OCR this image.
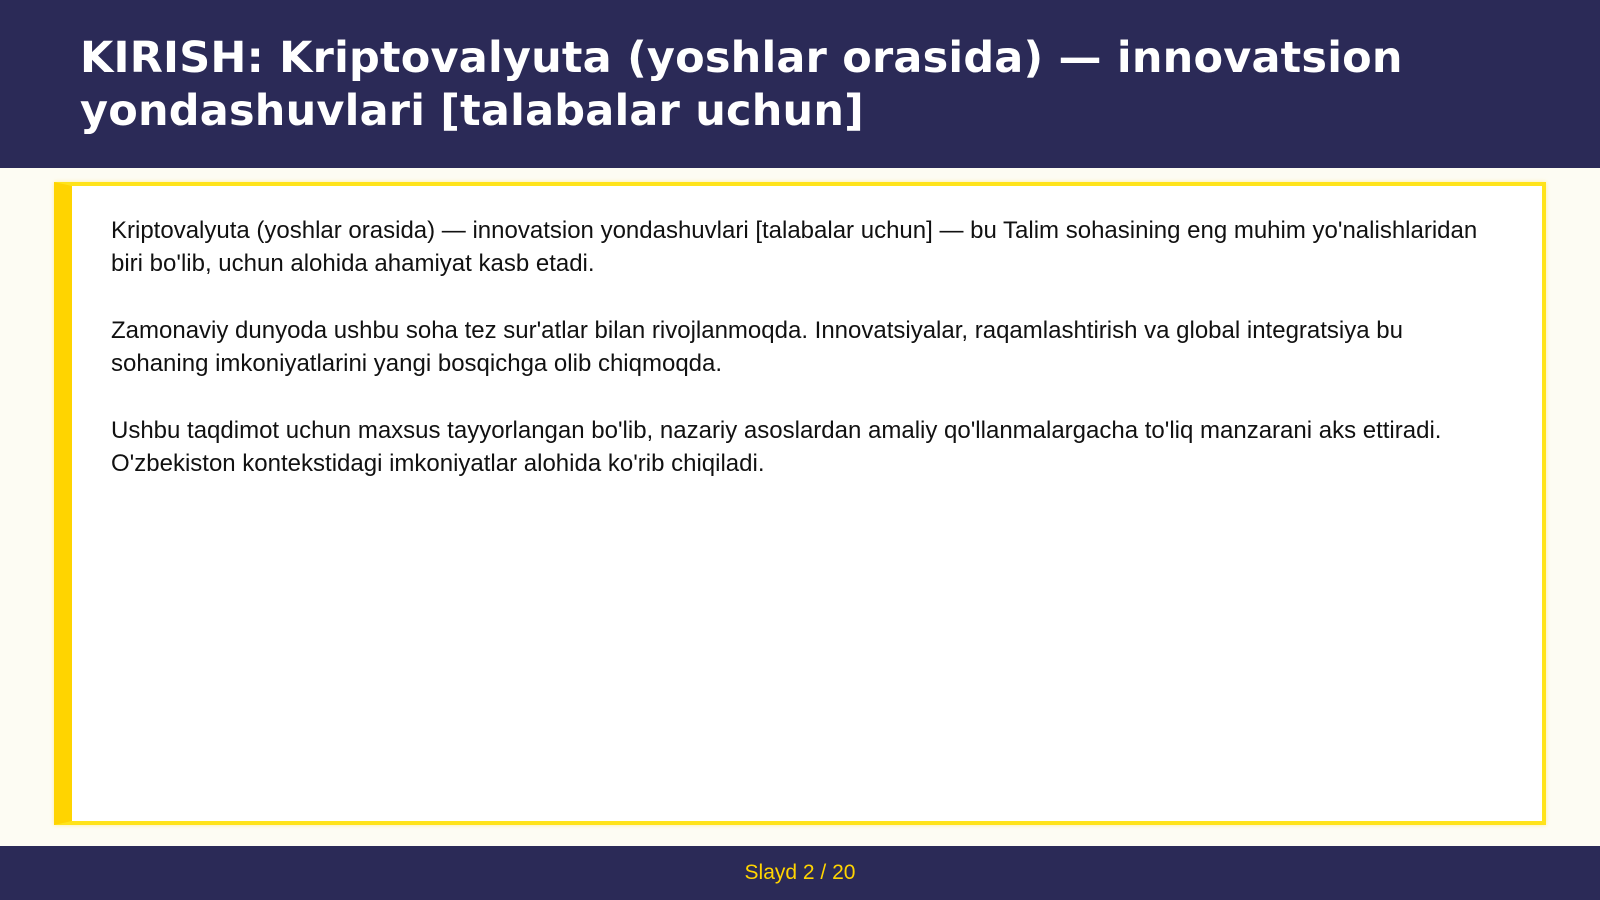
KIRISH: Kriptovalyuta (yoshlar orasida) — innovatsion yondashuvlari [talabalar uchun]

Kriptovalyuta (yoshlar orasida) — innovatsion yondashuvlari [talabalar uchun] — bu Talim sohasining eng muhim yo'nalishlaridan biri bo'lib, uchun alohida ahamiyat kasb etadi.

Zamonaviy dunyoda ushbu soha tez sur'atlar bilan rivojlanmoqda. Innovatsiyalar, raqamlashtirish va global integratsiya bu sohaning imkoniyatlarini yangi bosqichga olib chiqmoqda.

Ushbu taqdimot uchun maxsus tayyorlangan bo'lib, nazariy asoslardan amaliy qo'llanmalargacha to'liq manzarani aks ettiradi. O'zbekiston kontekstidagi imkoniyatlar alohida ko'rib chiqiladi.

Slayd 2 / 20
